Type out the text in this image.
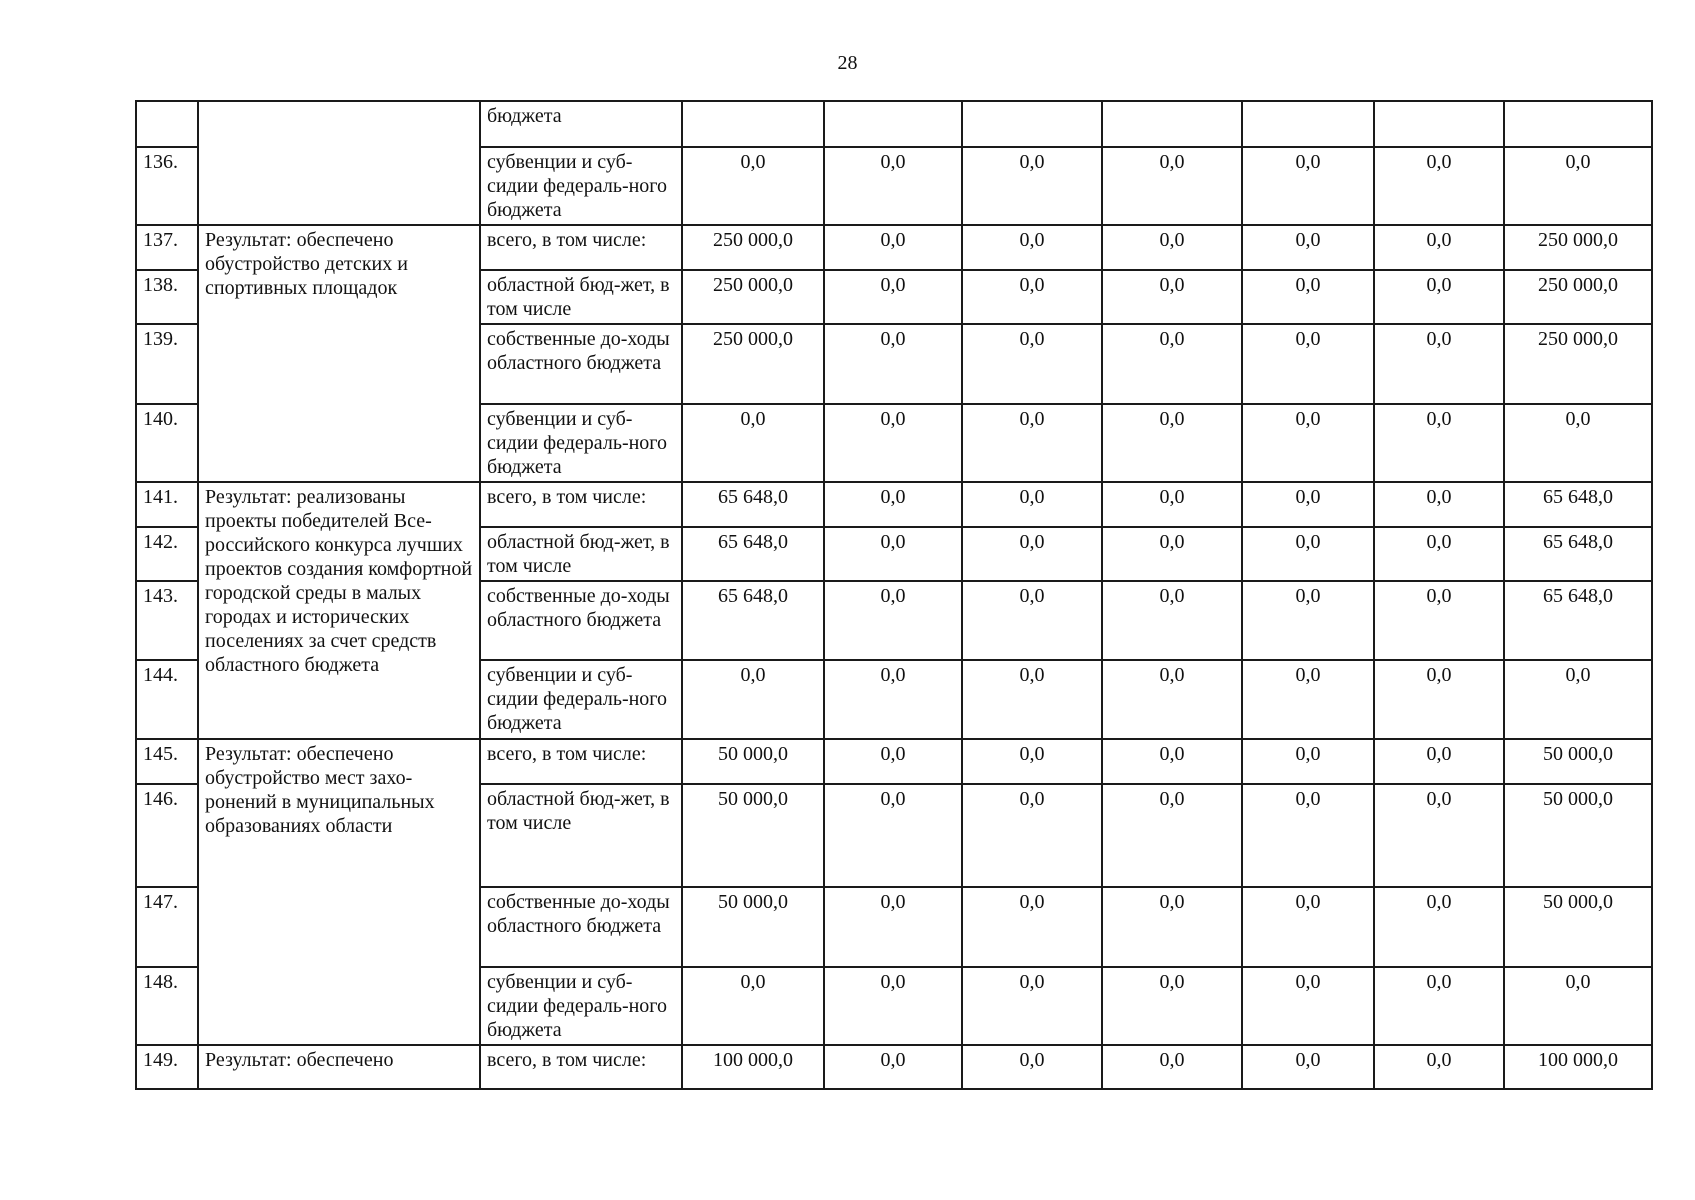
28
		бюджета							
136.		субвенции и суб-сидии федераль-ного бюджета	0,0	0,0	0,0	0,0	0,0	0,0	0,0
137.	Результат: обеспечено обустройство детских и спортивных площадок	всего, в том числе:	250 000,0	0,0	0,0	0,0	0,0	0,0	250 000,0
138.		областной бюд-жет, в том числе	250 000,0	0,0	0,0	0,0	0,0	0,0	250 000,0
139.		собственные до-ходы областного бюджета	250 000,0	0,0	0,0	0,0	0,0	0,0	250 000,0
140.		субвенции и суб-сидии федераль-ного бюджета	0,0	0,0	0,0	0,0	0,0	0,0	0,0
141.	Результат: реализованы проекты победителей Все-российского конкурса лучших проектов создания комфортной городской среды в малых городах и исторических поселениях за счет средств областного бюджета	всего, в том числе:	65 648,0	0,0	0,0	0,0	0,0	0,0	65 648,0
142.		областной бюд-жет, в том числе	65 648,0	0,0	0,0	0,0	0,0	0,0	65 648,0
143.		собственные до-ходы областного бюджета	65 648,0	0,0	0,0	0,0	0,0	0,0	65 648,0
144.		субвенции и суб-сидии федераль-ного бюджета	0,0	0,0	0,0	0,0	0,0	0,0	0,0
145.	Результат: обеспечено обустройство мест захо-ронений в муниципальных образованиях области	всего, в том числе:	50 000,0	0,0	0,0	0,0	0,0	0,0	50 000,0
146.		областной бюд-жет, в том числе	50 000,0	0,0	0,0	0,0	0,0	0,0	50 000,0
147.		собственные до-ходы областного бюджета	50 000,0	0,0	0,0	0,0	0,0	0,0	50 000,0
148.		субвенции и суб-сидии федераль-ного бюджета	0,0	0,0	0,0	0,0	0,0	0,0	0,0
149.	Результат: обеспечено	всего, в том числе:	100 000,0	0,0	0,0	0,0	0,0	0,0	100 000,0
